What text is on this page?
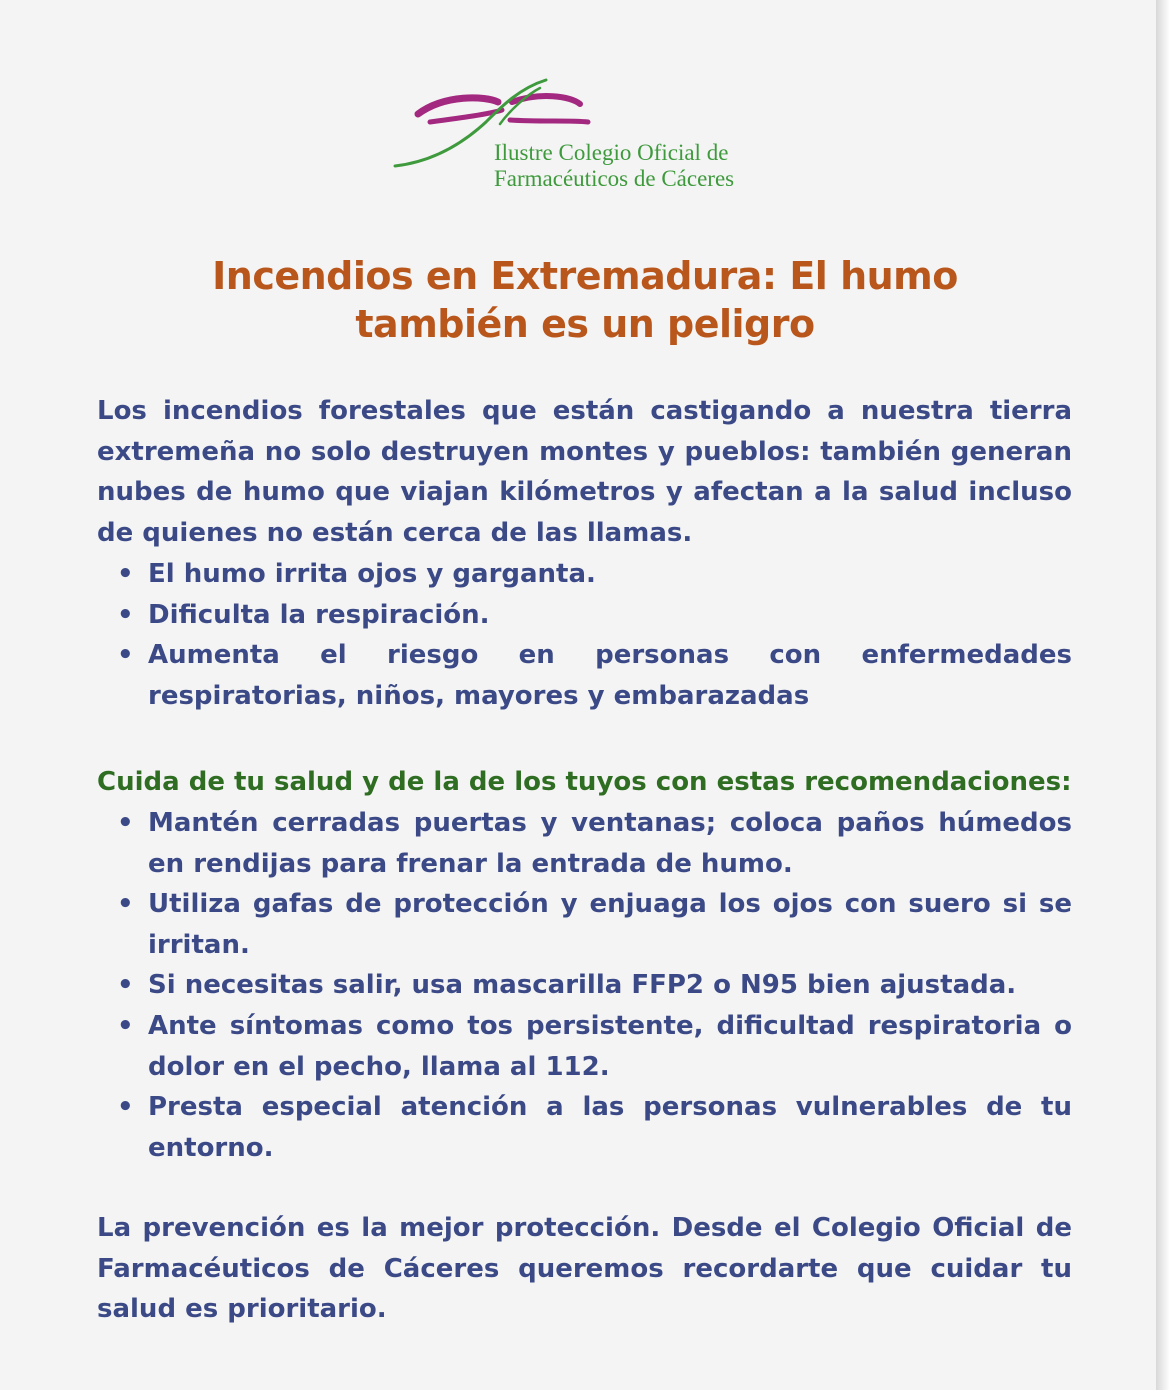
Ilustre Colegio Oficial de
Farmacéuticos de Cáceres
Incendios en Extremadura: El humo
también es un peligro

Los incendios forestales que están castigando a nuestra tierra extremeña no solo destruyen montes y pueblos: también generan nubes de humo que viajan kilómetros y afectan a la salud incluso de quienes no están cerca de las llamas.

• El humo irrita ojos y garganta.
• Dificulta la respiración.
• Aumenta el riesgo en personas con enfermedades respiratorias, niños, mayores y embarazadas

Cuida de tu salud y de la de los tuyos con estas recomendaciones:

• Mantén cerradas puertas y ventanas; coloca paños húmedos en rendijas para frenar la entrada de humo.
• Utiliza gafas de protección y enjuaga los ojos con suero si se irritan.
• Si necesitas salir, usa mascarilla FFP2 o N95 bien ajustada.
• Ante síntomas como tos persistente, dificultad respiratoria o dolor en el pecho, llama al 112.
• Presta especial atención a las personas vulnerables de tu entorno.

La prevención es la mejor protección. Desde el Colegio Oficial de Farmacéuticos de Cáceres queremos recordarte que cuidar tu salud es prioritario.
